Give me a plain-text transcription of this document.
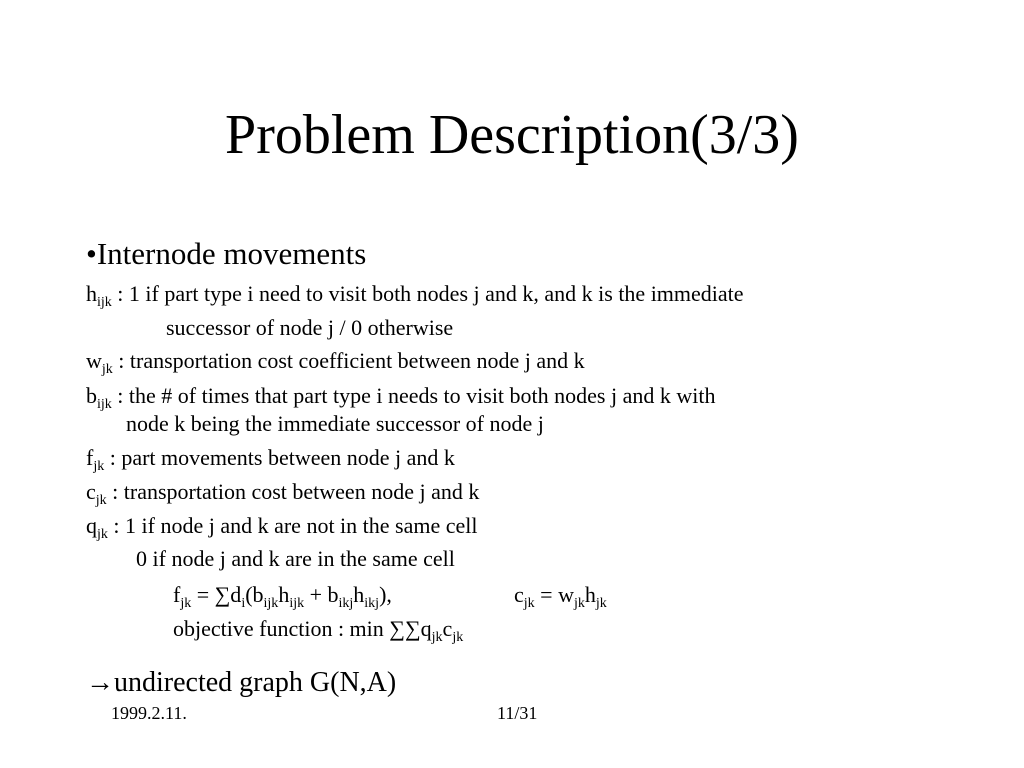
Problem Description(3/3)
•Internode movements
$h_{ijk}$ : 1 if part type i need to visit both nodes j and k, and k is the immediate
successor of node j / 0 otherwise
$w_{jk}$ : transportation cost coefficient between node j and k
$b_{ijk}$ : the # of times that part type i needs to visit both nodes j and k with
node k being the immediate successor of node j
$f_{jk}$ : part movements between node j and k
$c_{jk}$ : transportation cost between node j and k
$q_{jk}$ : 1 if node j and k are not in the same cell
0 if node j and k are in the same cell
$f_{jk} = \sum d_i(b_{ijk}h_{ijk} + b_{ikj}h_{ikj})$,	$c_{jk} = w_{jk}h_{jk}$
objective function : $\min \sum\sum q_{jk}c_{jk}$
→undirected graph G(N,A)
1999.2.11.	11/31
